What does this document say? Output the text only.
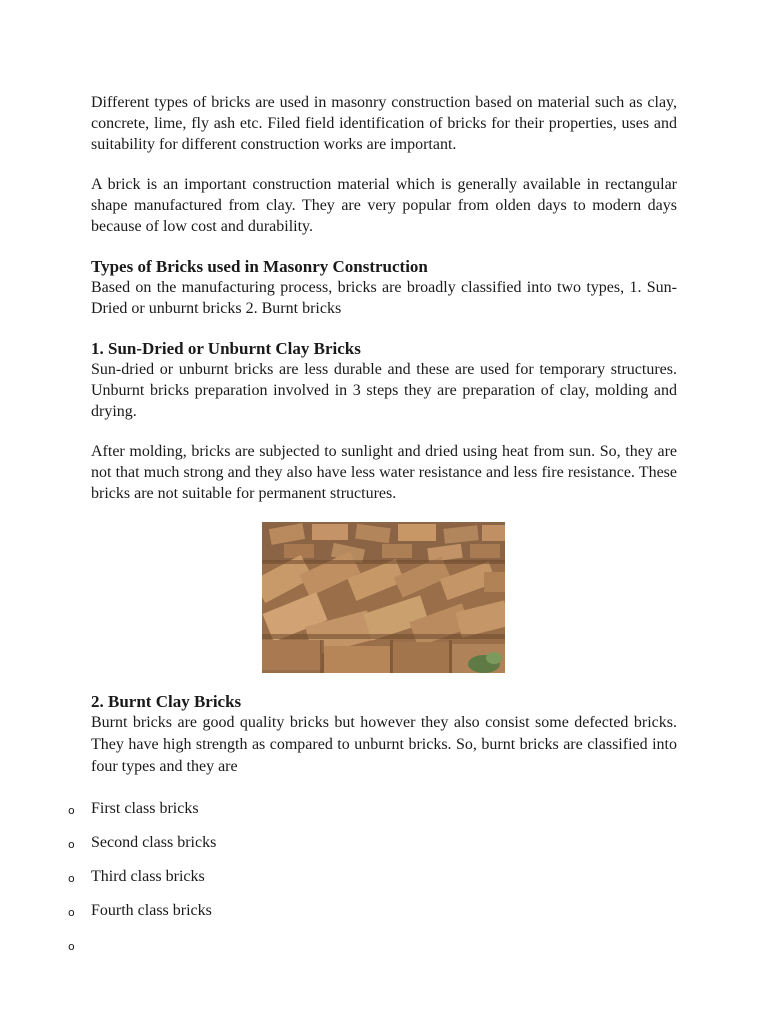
Different types of bricks are used in masonry construction based on material such as clay, concrete, lime, fly ash etc. Filed field identification of bricks for their properties, uses and suitability for different construction works are important.

A brick is an important construction material which is generally available in rectangular shape manufactured from clay. They are very popular from olden days to modern days because of low cost and durability.

Types of Bricks used in Masonry Construction

Based on the manufacturing process, bricks are broadly classified into two types, 1. Sun-Dried or unburnt bricks 2. Burnt bricks

1. Sun-Dried or Unburnt Clay Bricks

Sun-dried or unburnt bricks are less durable and these are used for temporary structures. Unburnt bricks preparation involved in 3 steps they are preparation of clay, molding and drying.

After molding, bricks are subjected to sunlight and dried using heat from sun. So, they are not that much strong and they also have less water resistance and less fire resistance. These bricks are not suitable for permanent structures.

2. Burnt Clay Bricks

Burnt bricks are good quality bricks but however they also consist some defected bricks. They have high strength as compared to unburnt bricks. So, burnt bricks are classified into four types and they are

o First class bricks
o Second class bricks
o Third class bricks
o Fourth class bricks
o
